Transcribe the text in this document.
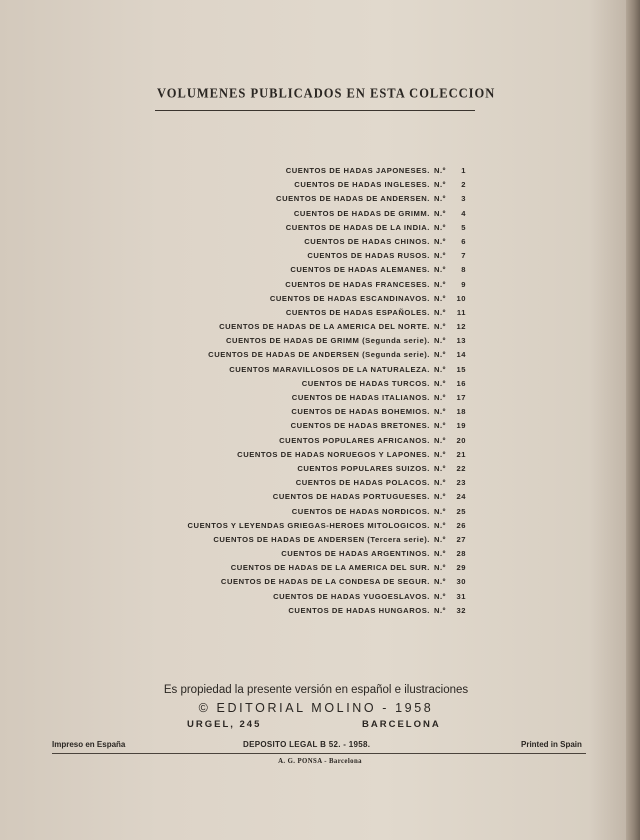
VOLUMENES PUBLICADOS EN ESTA COLECCION
CUENTOS DE HADAS JAPONESES. N.º	1
CUENTOS DE HADAS INGLESES. N.º	2
CUENTOS DE HADAS DE ANDERSEN. N.º	3
CUENTOS DE HADAS DE GRIMM. N.º	4
CUENTOS DE HADAS DE LA INDIA. N.º	5
CUENTOS DE HADAS CHINOS. N.º	6
CUENTOS DE HADAS RUSOS. N.º	7
CUENTOS DE HADAS ALEMANES. N.º	8
CUENTOS DE HADAS FRANCESES. N.º	9
CUENTOS DE HADAS ESCANDINAVOS. N.º	10
CUENTOS DE HADAS ESPAÑOLES. N.º	11
CUENTOS DE HADAS DE LA AMERICA DEL NORTE. N.º	12
CUENTOS DE HADAS DE GRIMM (Segunda serie). N.º	13
CUENTOS DE HADAS DE ANDERSEN (Segunda serie). N.º	14
CUENTOS MARAVILLOSOS DE LA NATURALEZA. N.º	15
CUENTOS DE HADAS TURCOS. N.º	16
CUENTOS DE HADAS ITALIANOS. N.º	17
CUENTOS DE HADAS BOHEMIOS. N.º	18
CUENTOS DE HADAS BRETONES. N.º	19
CUENTOS POPULARES AFRICANOS. N.º	20
CUENTOS DE HADAS NORUEGOS Y LAPONES. N.º	21
CUENTOS POPULARES SUIZOS. N.º	22
CUENTOS DE HADAS POLACOS. N.º	23
CUENTOS DE HADAS PORTUGUESES. N.º	24
CUENTOS DE HADAS NORDICOS. N.º	25
CUENTOS Y LEYENDAS GRIEGAS-HEROES MITOLOGICOS. N.º	26
CUENTOS DE HADAS DE ANDERSEN (Tercera serie). N.º	27
CUENTOS DE HADAS ARGENTINOS. N.º	28
CUENTOS DE HADAS DE LA AMERICA DEL SUR. N.º	29
CUENTOS DE HADAS DE LA CONDESA DE SEGUR. N.º	30
CUENTOS DE HADAS YUGOESLAVOS. N.º	31
CUENTOS DE HADAS HUNGAROS. N.º	32
Es propiedad la presente versión en español e ilustraciones
© EDITORIAL MOLINO - 1958
URGEL, 245	BARCELONA
Impreso en España	DEPOSITO LEGAL B 52. - 1958.	Printed in Spain
A. G. PONSA - Barcelona
